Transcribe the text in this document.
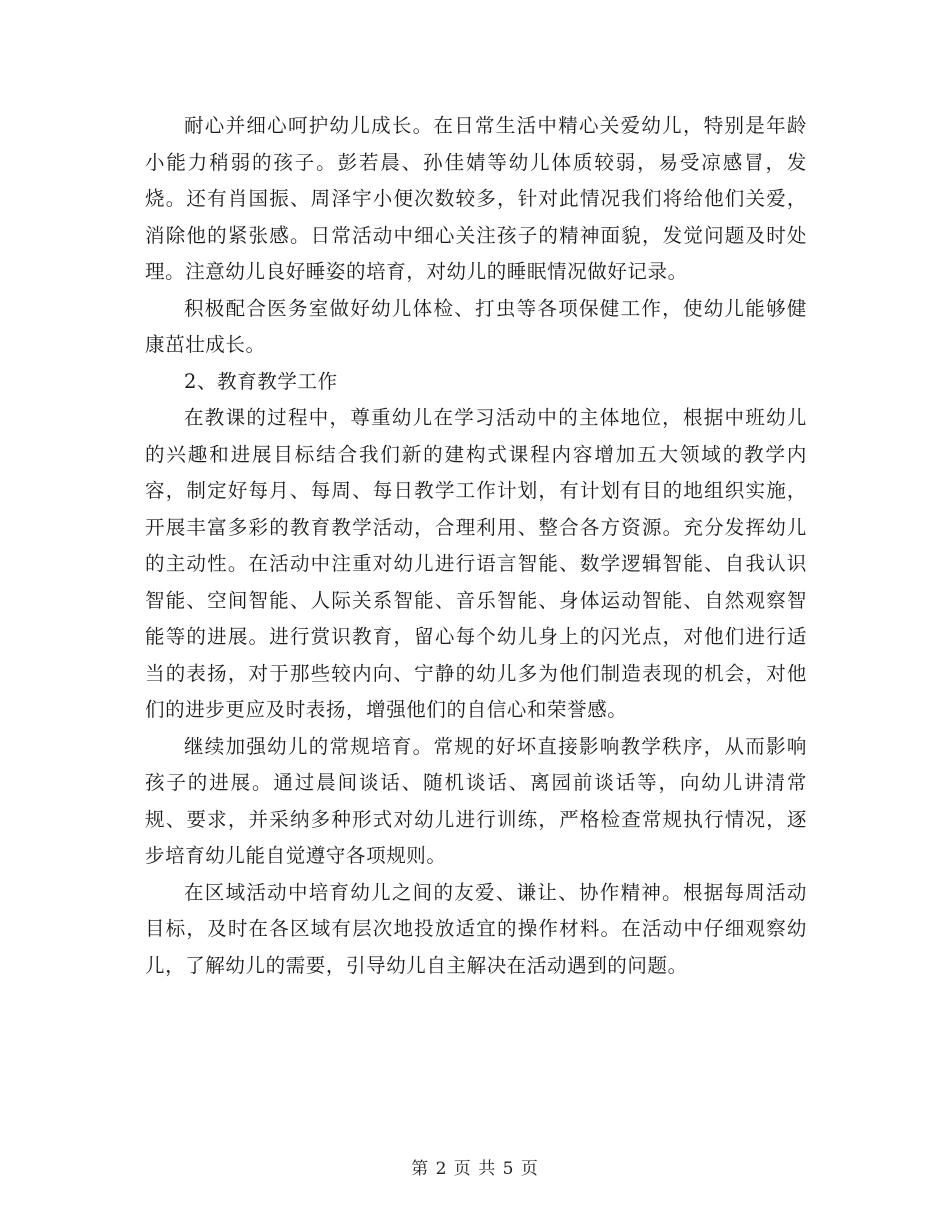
耐心并细心呵护幼儿成长。在日常生活中精心关爱幼儿，特别是年龄小能力稍弱的孩子。彭若晨、孙佳婧等幼儿体质较弱，易受凉感冒，发烧。还有肖国振、周泽宇小便次数较多，针对此情况我们将给他们关爱，消除他的紧张感。日常活动中细心关注孩子的精神面貌，发觉问题及时处理。注意幼儿良好睡姿的培育，对幼儿的睡眠情况做好记录。

积极配合医务室做好幼儿体检、打虫等各项保健工作，使幼儿能够健康茁壮成长。

2、教育教学工作

在教课的过程中，尊重幼儿在学习活动中的主体地位，根据中班幼儿的兴趣和进展目标结合我们新的建构式课程内容增加五大领域的教学内容，制定好每月、每周、每日教学工作计划，有计划有目的地组织实施，开展丰富多彩的教育教学活动，合理利用、整合各方资源。充分发挥幼儿的主动性。在活动中注重对幼儿进行语言智能、数学逻辑智能、自我认识智能、空间智能、人际关系智能、音乐智能、身体运动智能、自然观察智能等的进展。进行赏识教育，留心每个幼儿身上的闪光点，对他们进行适当的表扬，对于那些较内向、宁静的幼儿多为他们制造表现的机会，对他们的进步更应及时表扬，增强他们的自信心和荣誉感。

继续加强幼儿的常规培育。常规的好坏直接影响教学秩序，从而影响孩子的进展。通过晨间谈话、随机谈话、离园前谈话等，向幼儿讲清常规、要求，并采纳多种形式对幼儿进行训练，严格检查常规执行情况，逐步培育幼儿能自觉遵守各项规则。

在区域活动中培育幼儿之间的友爱、谦让、协作精神。根据每周活动目标，及时在各区域有层次地投放适宜的操作材料。在活动中仔细观察幼儿，了解幼儿的需要，引导幼儿自主解决在活动遇到的问题。

第 2 页 共 5 页
